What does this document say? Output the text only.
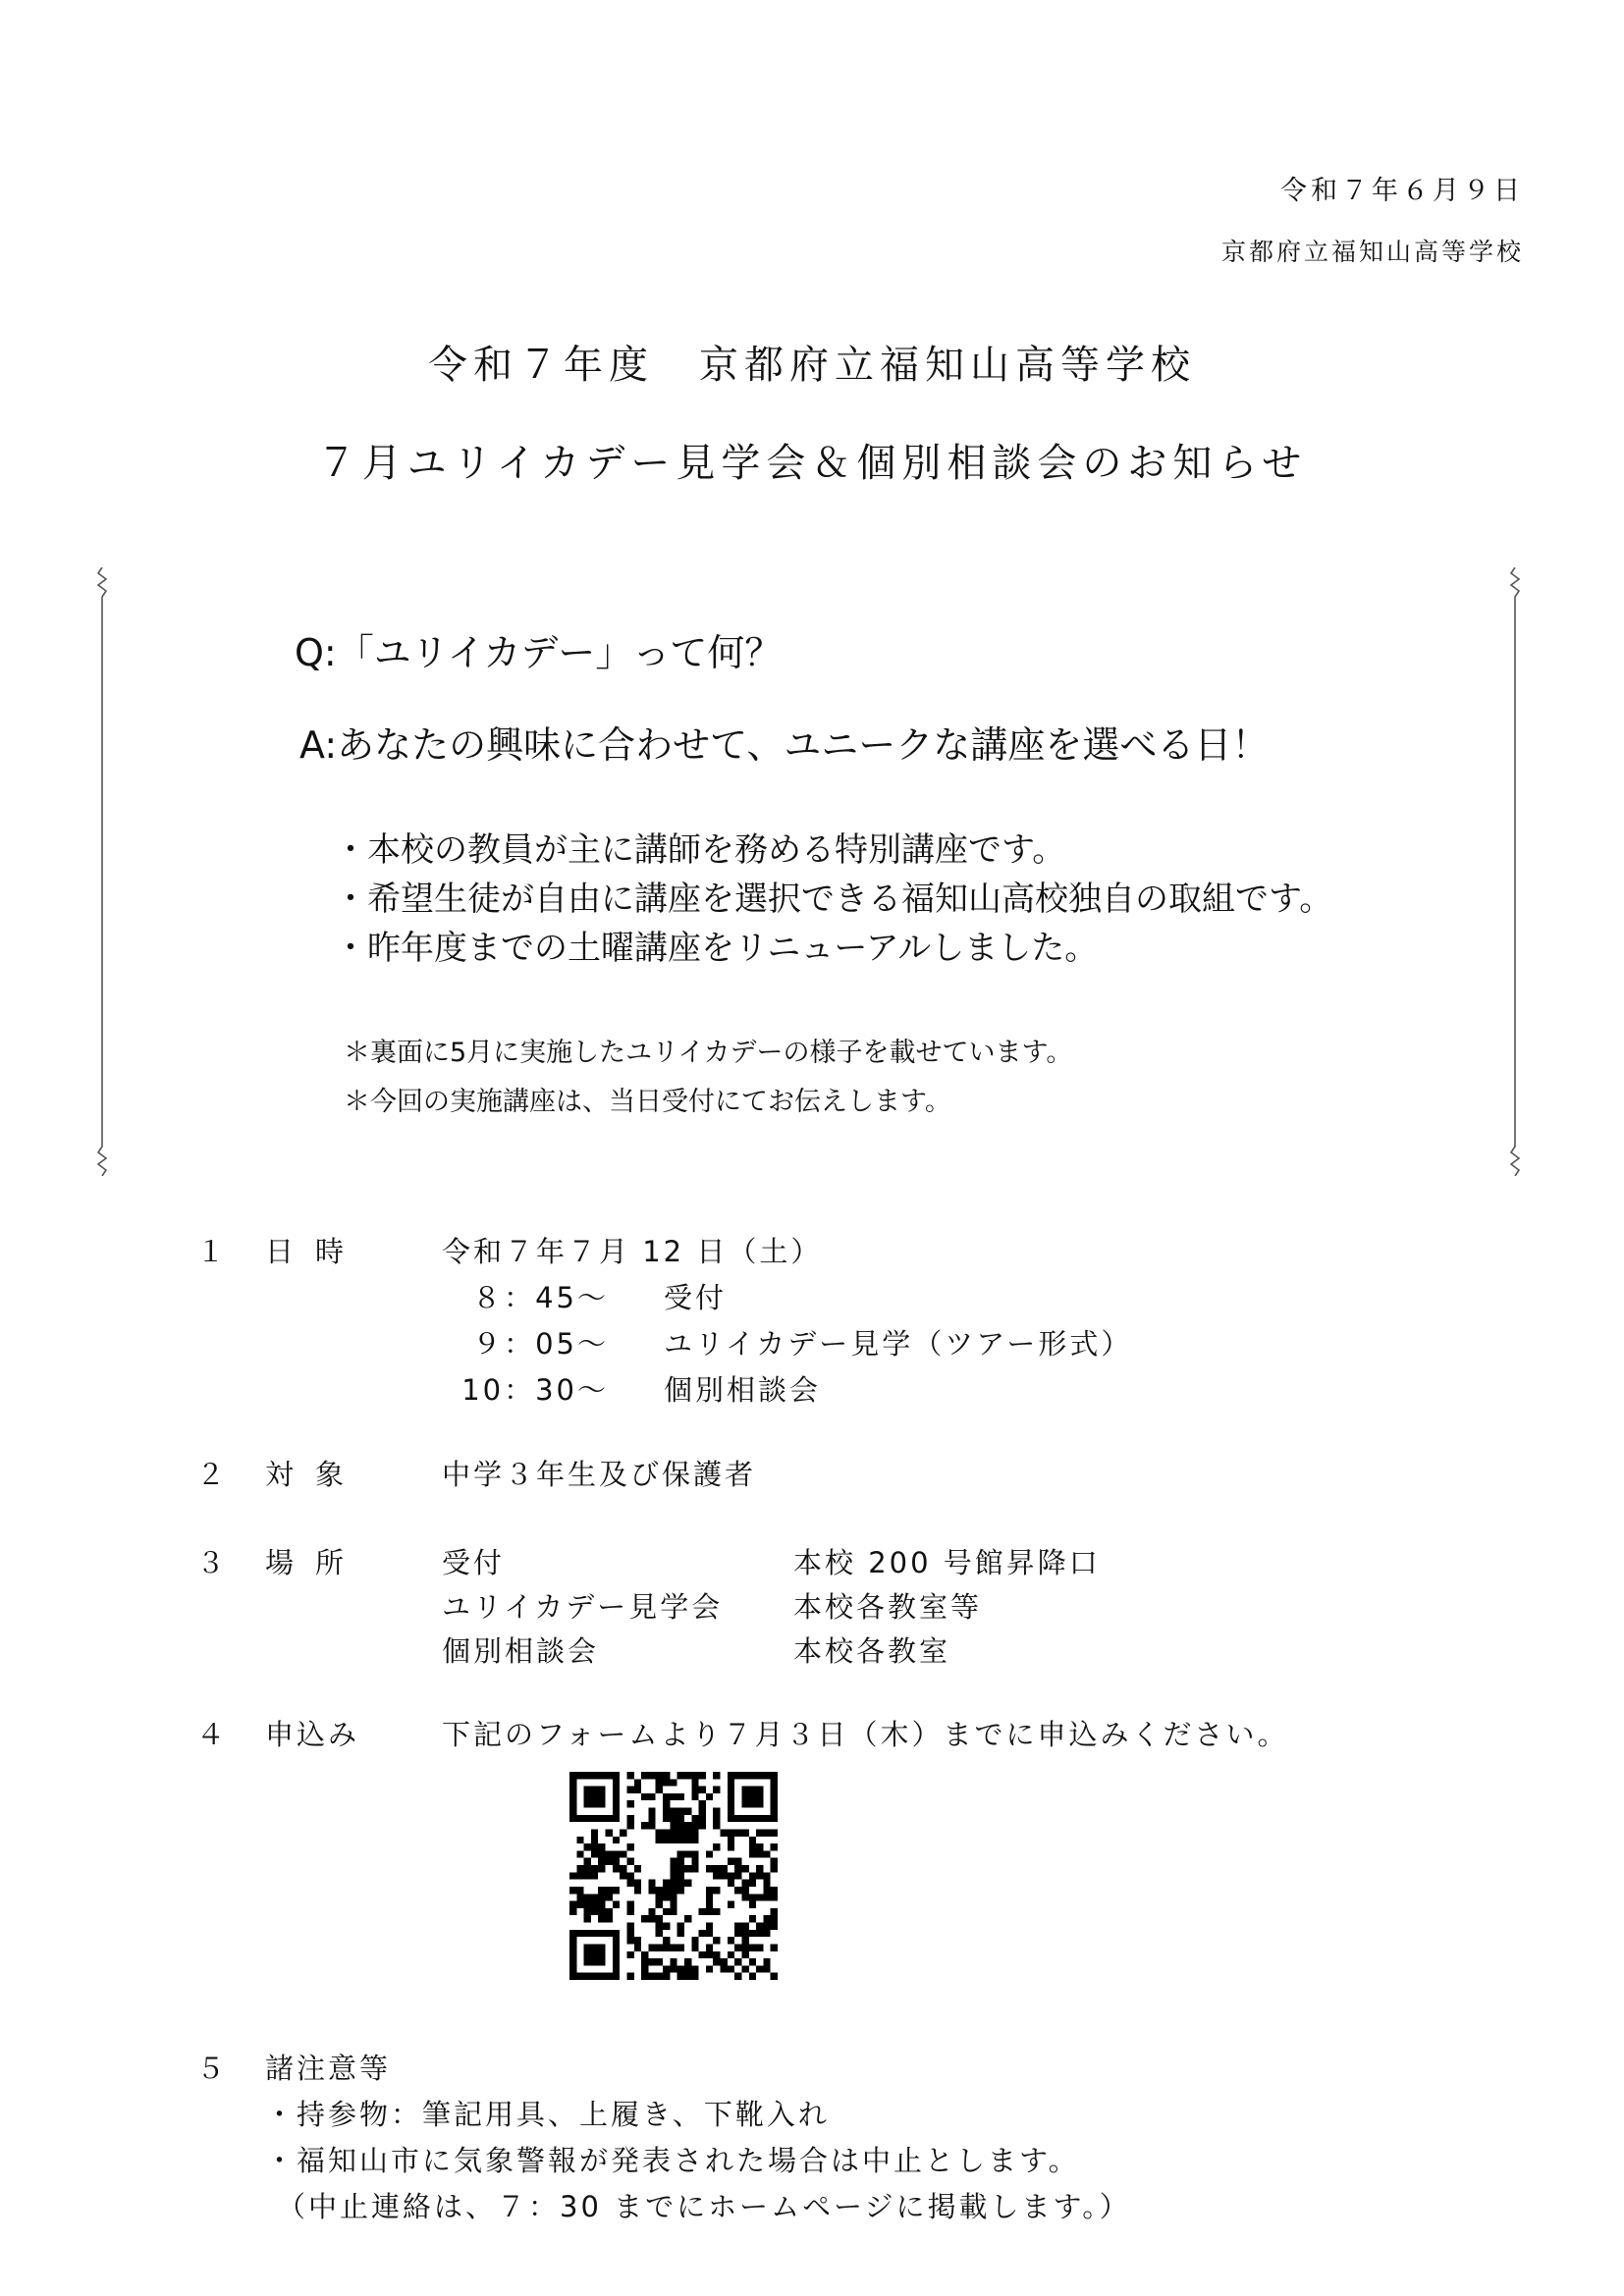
令和７年６月９日
京都府立福知山高等学校
令和７年度　京都府立福知山高等学校
７月ユリイカデー見学会＆個別相談会のお知らせ
Q:「ユリイカデー」って何？
A:あなたの興味に合わせて、ユニークな講座を選べる日！
・本校の教員が主に講師を務める特別講座です。
・希望生徒が自由に講座を選択できる福知山高校独自の取組です。
・昨年度までの土曜講座をリニューアルしました。
＊裏面に5月に実施したユリイカデーの様子を載せています。
＊今回の実施講座は、当日受付にてお伝えします。
１ 日時	令和７年７月 12 日（土）
８：45～ 受付
９：05～ ユリイカデー見学（ツアー形式）
10：30～ 個別相談会
２ 対象	中学３年生及び保護者
３ 場所	受付	本校 200 号館昇降口
ユリイカデー見学会 本校各教室等
個別相談会	本校各教室
４ 申込み	下記のフォームより７月３日（木）までに申込みください。
５ 諸注意等
・持参物：筆記用具、上履き、下靴入れ
・福知山市に気象警報が発表された場合は中止とします。
（中止連絡は、７：30 までにホームページに掲載します。）
